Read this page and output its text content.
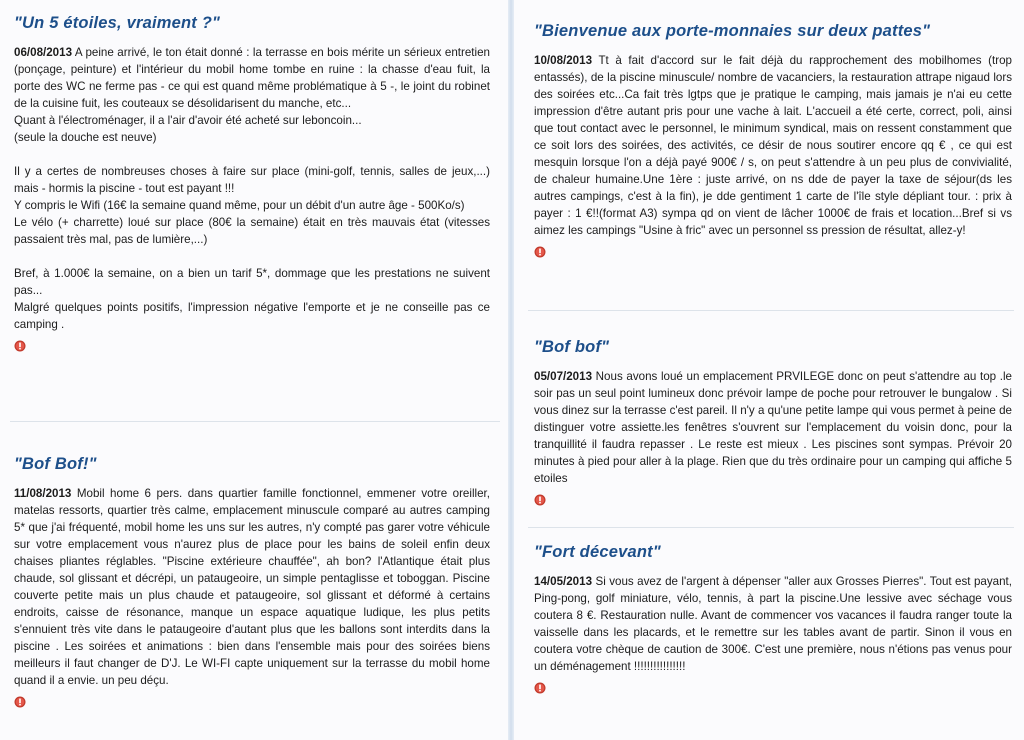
"Un 5 étoiles, vraiment ?"

06/08/2013 A peine arrivé, le ton était donné : la terrasse en bois mérite un sérieux entretien (ponçage, peinture) et l'intérieur du mobil home tombe en ruine : la chasse d'eau fuit, la porte des WC ne ferme pas - ce qui est quand même problématique à 5 -, le joint du robinet de la cuisine fuit, les couteaux se désolidarisent du manche, etc...

Quant à l'électroménager, il a l'air d'avoir été acheté sur leboncoin...

(seule la douche est neuve)

Il y a certes de nombreuses choses à faire sur place (mini-golf, tennis, salles de jeux,...) mais - hormis la piscine - tout est payant !!!

Y compris le Wifi (16€ la semaine quand même, pour un débit d'un autre âge - 500Ko/s)

Le vélo (+ charrette) loué sur place (80€ la semaine) était en très mauvais état (vitesses passaient très mal, pas de lumière,...)

Bref, à 1.000€ la semaine, on a bien un tarif 5*, dommage que les prestations ne suivent pas...

Malgré quelques points positifs, l'impression négative l'emporte et je ne conseille pas ce camping .

"Bof Bof!"

11/08/2013 Mobil home 6 pers. dans quartier famille fonctionnel, emmener votre oreiller, matelas ressorts, quartier très calme, emplacement minuscule comparé au autres camping 5* que j'ai fréquenté, mobil home les uns sur les autres, n'y compté pas garer votre véhicule sur votre emplacement vous n'aurez plus de place pour les bains de soleil enfin deux chaises pliantes réglables. "Piscine extérieure chauffée", ah bon? l'Atlantique était plus chaude, sol glissant et décrépi, un pataugeoire, un simple pentaglisse et toboggan. Piscine couverte petite mais un plus chaude et pataugeoire, sol glissant et déformé à certains endroits, caisse de résonance, manque un espace aquatique ludique, les plus petits s'ennuient très vite dans le pataugeoire d'autant plus que les ballons sont interdits dans la piscine . Les soirées et animations : bien dans l'ensemble mais pour des soirées biens meilleurs il faut changer de D'J. Le WI-FI capte uniquement sur la terrasse du mobil home quand il a envie. un peu déçu.

"Bienvenue aux porte-monnaies sur deux pattes"

10/08/2013 Tt à fait d'accord sur le fait déjà du rapprochement des mobilhomes (trop entassés), de la piscine minuscule/ nombre de vacanciers, la restauration attrape nigaud lors des soirées etc...Ca fait très lgtps que je pratique le camping, mais jamais je n'ai eu cette impression d'être autant pris pour une vache à lait. L'accueil a été certe, correct, poli, ainsi que tout contact avec le personnel, le minimum syndical, mais on ressent constamment que ce soit lors des soirées, des activités, ce désir de nous soutirer encore qq € , ce qui est mesquin lorsque l'on a déjà payé 900€ / s, on peut s'attendre à un peu plus de convivialité, de chaleur humaine.Une 1ère : juste arrivé, on ns dde de payer la taxe de séjour(ds les autres campings, c'est à la fin), je dde gentiment 1 carte de l'île style dépliant tour. : prix à payer : 1 €!!(format A3) sympa qd on vient de lâcher 1000€ de frais et location...Bref si vs aimez les campings "Usine à fric" avec un personnel ss pression de résultat, allez-y!

"Bof bof"

05/07/2013 Nous avons loué un emplacement PRVILEGE donc on peut s'attendre au top .le soir pas un seul point lumineux donc prévoir lampe de poche pour retrouver le bungalow . Si vous dinez sur la terrasse c'est pareil. Il n'y a qu'une petite lampe qui vous permet à peine de distinguer votre assiette.les fenêtres s'ouvrent sur l'emplacement du voisin donc, pour la tranquillité il faudra repasser . Le reste est mieux . Les piscines sont sympas. Prévoir 20 minutes à pied pour aller à la plage. Rien que du très ordinaire pour un camping qui affiche 5 etoiles

"Fort décevant"

14/05/2013 Si vous avez de l'argent à dépenser "aller aux Grosses Pierres". Tout est payant, Ping-pong, golf miniature, vélo, tennis, à part la piscine.Une lessive avec séchage vous coutera 8 €. Restauration nulle. Avant de commencer vos vacances il faudra ranger toute la vaisselle dans les placards, et le remettre sur les tables avant de partir. Sinon il vous en coutera votre chèque de caution de 300€. C'est une première, nous n'étions pas venus pour un déménagement !!!!!!!!!!!!!!!!
